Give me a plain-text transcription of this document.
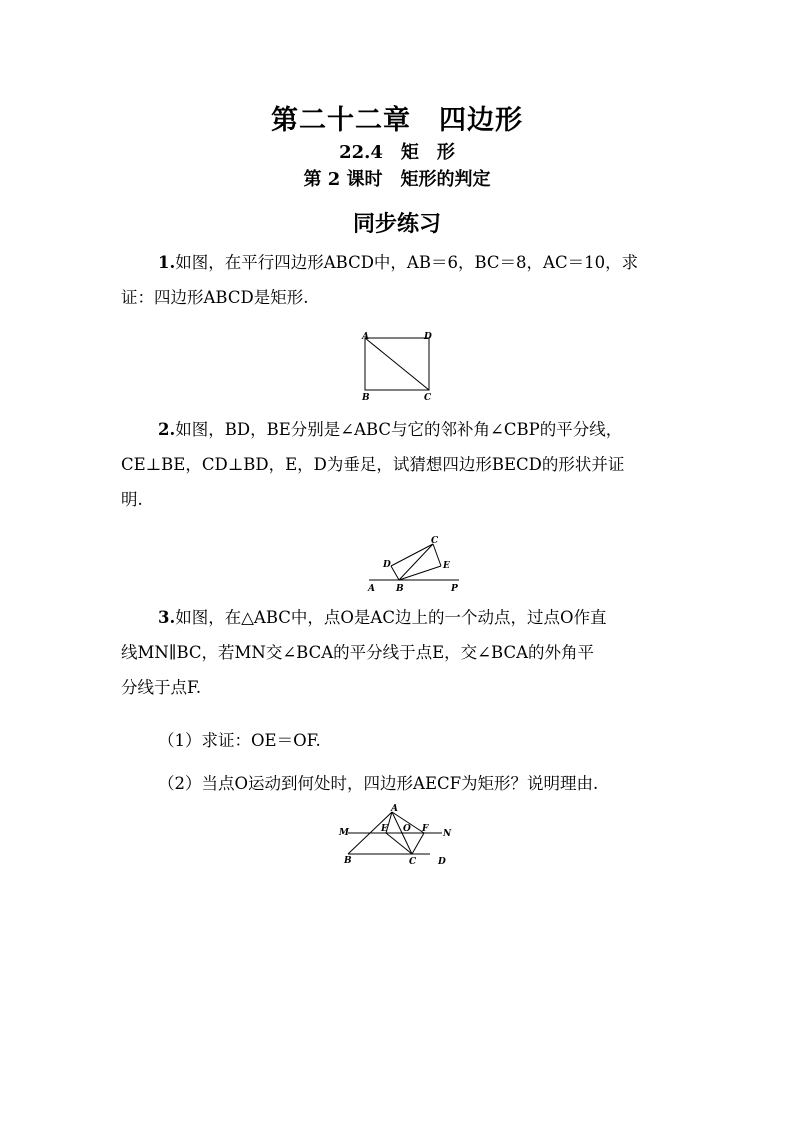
第二十二章　四边形
22.4　矩　形
第 2 课时　矩形的判定
同步练习
1.如图，在平行四边形ABCD中，AB＝6，BC＝8，AC＝10，求
证：四边形ABCD是矩形.
A	D
B	C
2.如图，BD，BE分别是∠ABC与它的邻补角∠CBP的平分线，
CE⊥BE，CD⊥BD，E，D为垂足，试猜想四边形BECD的形状并证
明.
A B	P
C
D	E
3.如图，在△ABC中，点O是AC边上的一个动点，过点O作直
线MN∥BC，若MN交∠BCA的平分线于点E，交∠BCA的外角平
分线于点F.
（1）求证：OE＝OF.
（2）当点O运动到何处时，四边形AECF为矩形？说明理由.
A
M	E O F N
B	C D
